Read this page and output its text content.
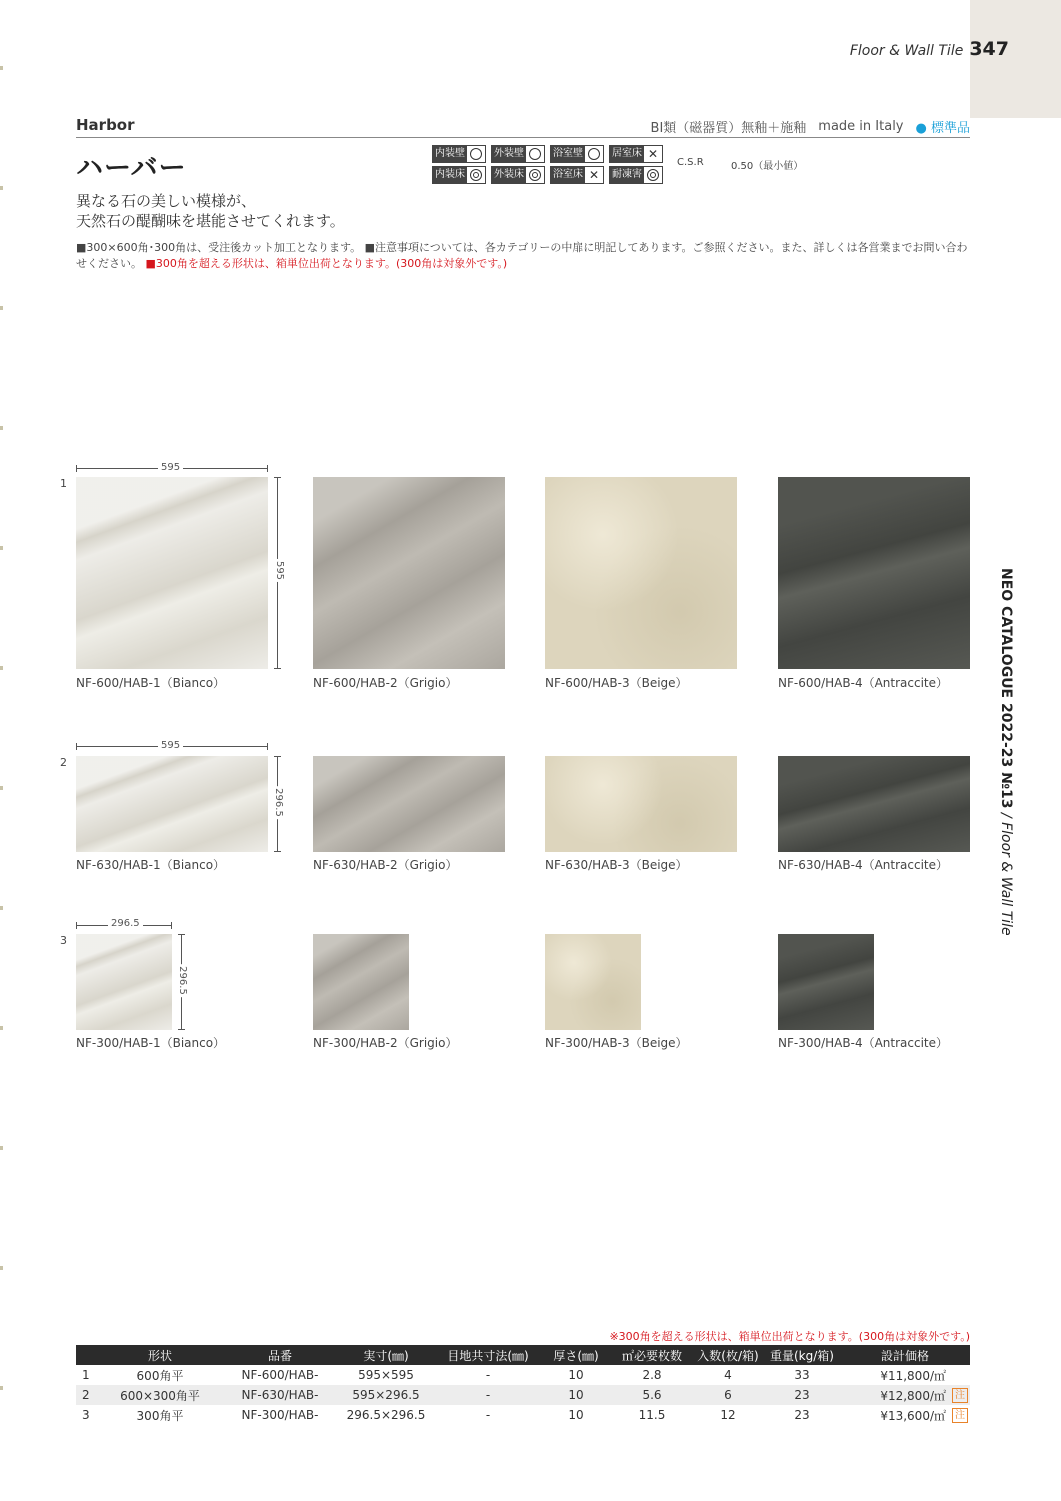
Floor & Wall Tile 347
Harbor	BⅠ類（磁器質）無釉＋施釉 made in Italy ● 標準品
ハーバー	内装壁	外装壁	浴室壁	居室床 ✕
内装床	外装床	浴室床 ✕	耐凍害
C.S.R	0.50（最小値）
異なる石の美しい模様が、
天然石の醍醐味を堪能させてくれます。
■300×600角･300角は、受注後カット加工となります。 ■注意事項については、各カテゴリーの中扉に明記してあります。ご参照ください。また、詳しくは各営業までお問い合わせください。 ■300角を超える形状は、箱単位出荷となります。(300角は対象外です。)
1
595
595
NF-600/HAB-1（Bianco）	NF-600/HAB-2（Grigio）	NF-600/HAB-3（Beige）	NF-600/HAB-4（Antraccite）
2
595
296.5
NF-630/HAB-1（Bianco）	NF-630/HAB-2（Grigio）	NF-630/HAB-3（Beige）	NF-630/HAB-4（Antraccite）
3
296.5
296.5
NF-300/HAB-1（Bianco）	NF-300/HAB-2（Grigio）	NF-300/HAB-3（Beige）	NF-300/HAB-4（Antraccite）
NEO CATALOGUE 2022-23 №13 / Floor & Wall Tile
※300角を超える形状は、箱単位出荷となります。(300角は対象外です。)
	形状	品番	実寸(㎜)	目地共寸法(㎜)	厚さ(㎜)	㎡必要枚数	入数(枚/箱)	重量(kg/箱)	設計価格
1	600角平	NF-600/HAB-	595×595	-	10	2.8	4	33	¥11,800/㎡

2	600×300角平	NF-630/HAB-	595×296.5	-	10	5.6	6	23	¥12,800/㎡ 注

3	300角平	NF-300/HAB-	296.5×296.5	-	10	11.5	12	23	¥13,600/㎡ 注
